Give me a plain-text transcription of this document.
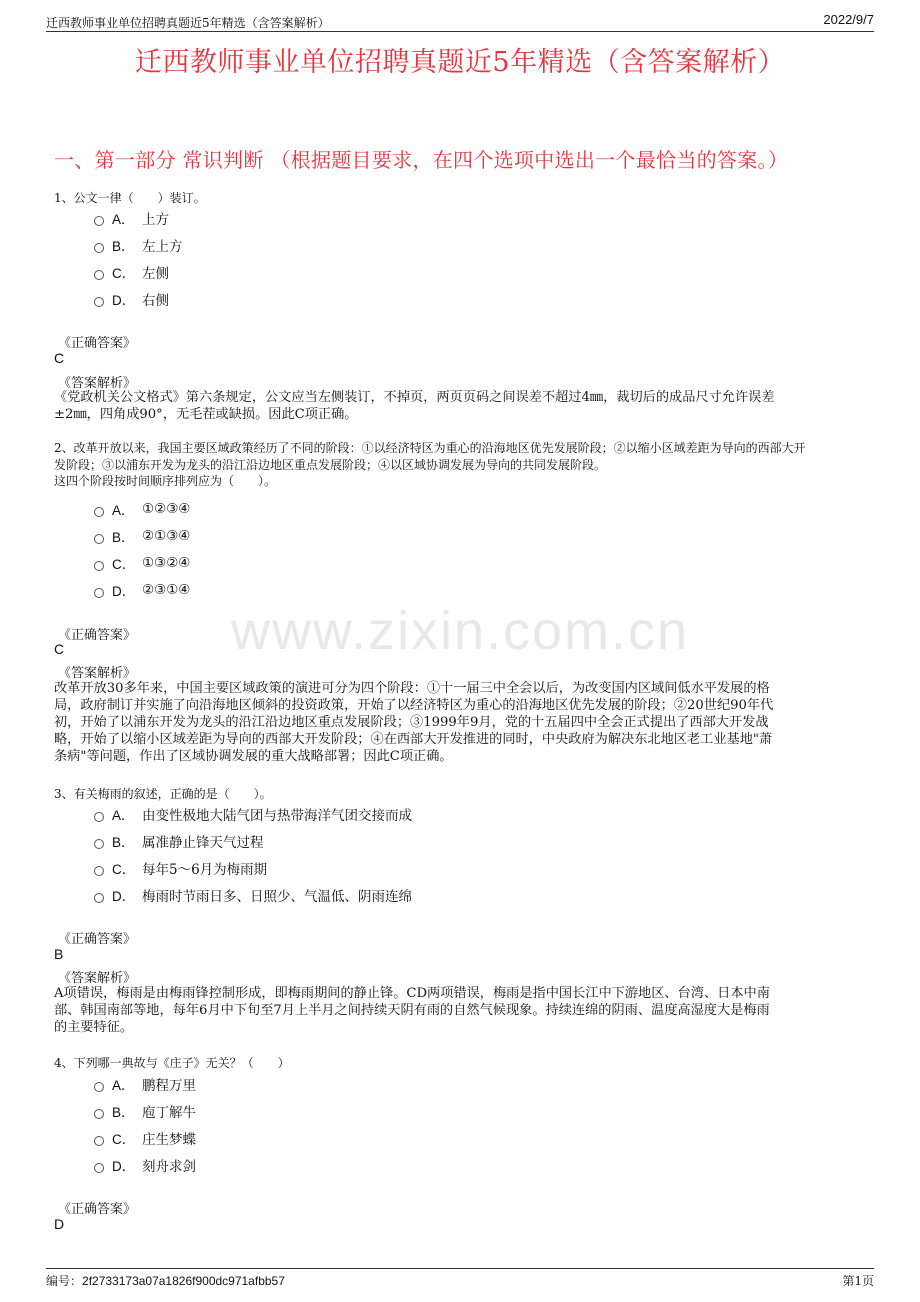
迁西教师事业单位招聘真题近5年精选（含答案解析）	2022/9/7
迁西教师事业单位招聘真题近5年精选（含答案解析）
一、第一部分 常识判断 （根据题目要求，在四个选项中选出一个最恰当的答案。）
www.zixin.com.cn
1、公文一律（　　）装订。
A． 上方
B． 左上方
C． 左侧
D． 右侧
《正确答案》
C
《答案解析》
《党政机关公文格式》第六条规定，公文应当左侧装订，不掉页，两页页码之间误差不超过4㎜，裁切后的成品尺寸允许误差
±2㎜，四角成90°，无毛茬或缺损。因此C项正确。
2、改革开放以来，我国主要区域政策经历了不同的阶段：①以经济特区为重心的沿海地区优先发展阶段；②以缩小区域差距为导向的西部大开
发阶段；③以浦东开发为龙头的沿江沿边地区重点发展阶段；④以区域协调发展为导向的共同发展阶段。
这四个阶段按时间顺序排列应为（　　）。
A． ①②③④
B． ②①③④
C． ①③②④
D． ②③①④
《正确答案》
C
《答案解析》
改革开放30多年来，中国主要区域政策的演进可分为四个阶段：①十一届三中全会以后，为改变国内区域间低水平发展的格
局，政府制订并实施了向沿海地区倾斜的投资政策，开始了以经济特区为重心的沿海地区优先发展的阶段；②20世纪90年代
初，开始了以浦东开发为龙头的沿江沿边地区重点发展阶段；③1999年9月，党的十五届四中全会正式提出了西部大开发战
略，开始了以缩小区域差距为导向的西部大开发阶段；④在西部大开发推进的同时，中央政府为解决东北地区老工业基地"萧
条病"等问题，作出了区域协调发展的重大战略部署；因此C项正确。
3、有关梅雨的叙述，正确的是（　　）。
A． 由变性极地大陆气团与热带海洋气团交接而成
B． 属准静止锋天气过程
C． 每年5～6月为梅雨期
D． 梅雨时节雨日多、日照少、气温低、阴雨连绵
《正确答案》
B
《答案解析》
A项错误，梅雨是由梅雨锋控制形成，即梅雨期间的静止锋。CD两项错误，梅雨是指中国长江中下游地区、台湾、日本中南
部、韩国南部等地，每年6月中下旬至7月上半月之间持续天阴有雨的自然气候现象。持续连绵的阴雨、温度高湿度大是梅雨
的主要特征。
4、下列哪一典故与《庄子》无关？（　　）
A． 鹏程万里
B． 庖丁解牛
C． 庄生梦蝶
D． 刻舟求剑
《正确答案》
D
编号：2f2733173a07a1826f900dc971afbb57	第1页
